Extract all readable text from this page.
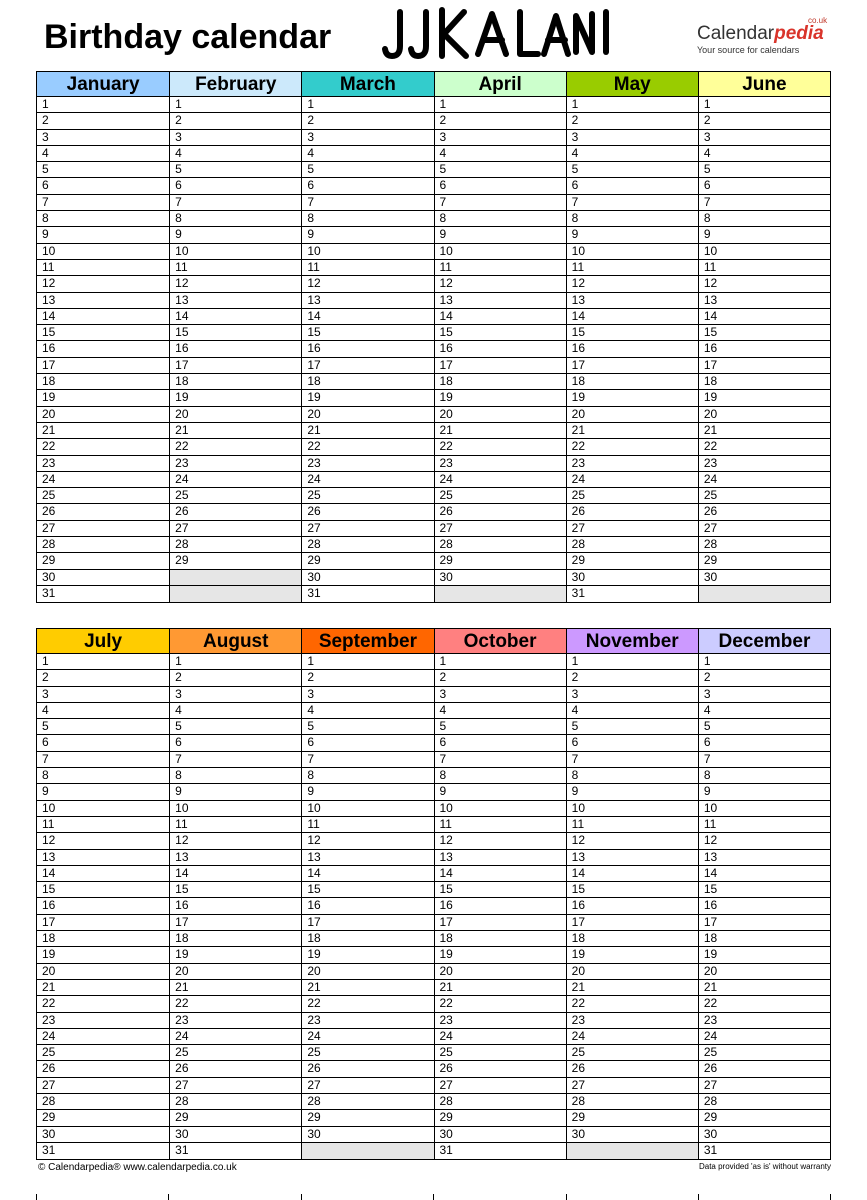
Birthday calendar	co.uk
Calendarpedia
Your source for calendars
January
1
2
3
4
5
6
7
8
9
10
11
12
13
14
15
16
17
18
19
20
21
22
23
24
25
26
27
28
29
30
31
February
1
2
3
4
5
6
7
8
9
10
11
12
13
14
15
16
17
18
19
20
21
22
23
24
25
26
27
28
29
March
1
2
3
4
5
6
7
8
9
10
11
12
13
14
15
16
17
18
19
20
21
22
23
24
25
26
27
28
29
30
31
April
1
2
3
4
5
6
7
8
9
10
11
12
13
14
15
16
17
18
19
20
21
22
23
24
25
26
27
28
29
30
May
1
2
3
4
5
6
7
8
9
10
11
12
13
14
15
16
17
18
19
20
21
22
23
24
25
26
27
28
29
30
31
June
1
2
3
4
5
6
7
8
9
10
11
12
13
14
15
16
17
18
19
20
21
22
23
24
25
26
27
28
29
30
July
1
2
3
4
5
6
7
8
9
10
11
12
13
14
15
16
17
18
19
20
21
22
23
24
25
26
27
28
29
30
31
August
1
2
3
4
5
6
7
8
9
10
11
12
13
14
15
16
17
18
19
20
21
22
23
24
25
26
27
28
29
30
31
September
1
2
3
4
5
6
7
8
9
10
11
12
13
14
15
16
17
18
19
20
21
22
23
24
25
26
27
28
29
30
October
1
2
3
4
5
6
7
8
9
10
11
12
13
14
15
16
17
18
19
20
21
22
23
24
25
26
27
28
29
30
31
November
1
2
3
4
5
6
7
8
9
10
11
12
13
14
15
16
17
18
19
20
21
22
23
24
25
26
27
28
29
30
December
1
2
3
4
5
6
7
8
9
10
11
12
13
14
15
16
17
18
19
20
21
22
23
24
25
26
27
28
29
30
31
© Calendarpedia® www.calendarpedia.co.uk	Data provided 'as is' without warranty
